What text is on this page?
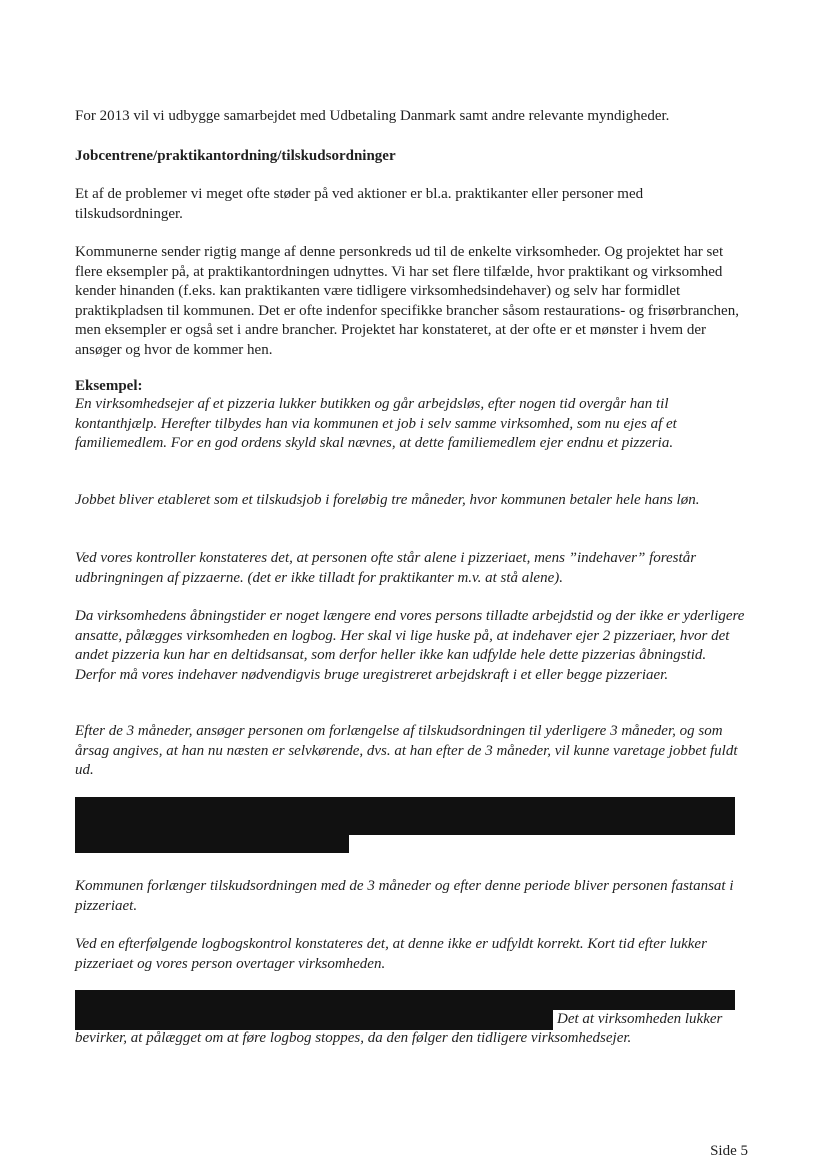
For 2013 vil vi udbygge samarbejdet med Udbetaling Danmark samt andre relevante myndigheder.

Jobcentrene/praktikantordning/tilskudsordninger

Et af de problemer vi meget ofte støder på ved aktioner er bl.a. praktikanter eller personer med tilskudsordninger.

Kommunerne sender rigtig mange af denne personkreds ud til de enkelte virksomheder. Og projektet har set flere eksempler på, at praktikantordningen udnyttes. Vi har set flere tilfælde, hvor praktikant og virksomhed kender hinanden (f.eks. kan praktikanten være tidligere virksomhedsindehaver) og selv har formidlet praktikpladsen til kommunen. Det er ofte indenfor specifikke brancher såsom restaurations- og frisørbranchen, men eksempler er også set i andre brancher. Projektet har konstateret, at der ofte er et mønster i hvem der ansøger og hvor de kommer hen.

Eksempel:

En virksomhedsejer af et pizzeria lukker butikken og går arbejdsløs, efter nogen tid overgår han til kontanthjælp. Herefter tilbydes han via kommunen et job i selv samme virksomhed, som nu ejes af et familiemedlem. For en god ordens skyld skal nævnes, at dette familiemedlem ejer endnu et pizzeria.

Jobbet bliver etableret som et tilskudsjob i foreløbig tre måneder, hvor kommunen betaler hele hans løn.

Ved vores kontroller konstateres det, at personen ofte står alene i pizzeriaet, mens ”indehaver” forestår udbringningen af pizzaerne. (det er ikke tilladt for praktikanter m.v. at stå alene).

Da virksomhedens åbningstider er noget længere end vores persons tilladte arbejdstid og der ikke er yderligere ansatte, pålægges virksomheden en logbog. Her skal vi lige huske på, at indehaver ejer 2 pizzeriaer, hvor det andet pizzeria kun har en deltidsansat, som derfor heller ikke kan udfylde hele dette pizzerias åbningstid. Derfor må vores indehaver nødvendigvis bruge uregistreret arbejdskraft i et eller begge pizzeriaer.

Efter de 3 måneder, ansøger personen om forlængelse af tilskudsordningen til yderligere 3 måneder, og som årsag angives, at han nu næsten er selvkørende, dvs. at han efter de 3 måneder, vil kunne varetage jobbet fuldt ud.

Kommunen forlænger tilskudsordningen med de 3 måneder og efter denne periode bliver personen fastansat i pizzeriaet.

Ved en efterfølgende logbogskontrol konstateres det, at denne ikke er udfyldt korrekt. Kort tid efter lukker pizzeriaet og vores person overtager virksomheden.

Det at virksomheden lukker

bevirker, at pålægget om at føre logbog stoppes, da den følger den tidligere virksomhedsejer.

Side 5
